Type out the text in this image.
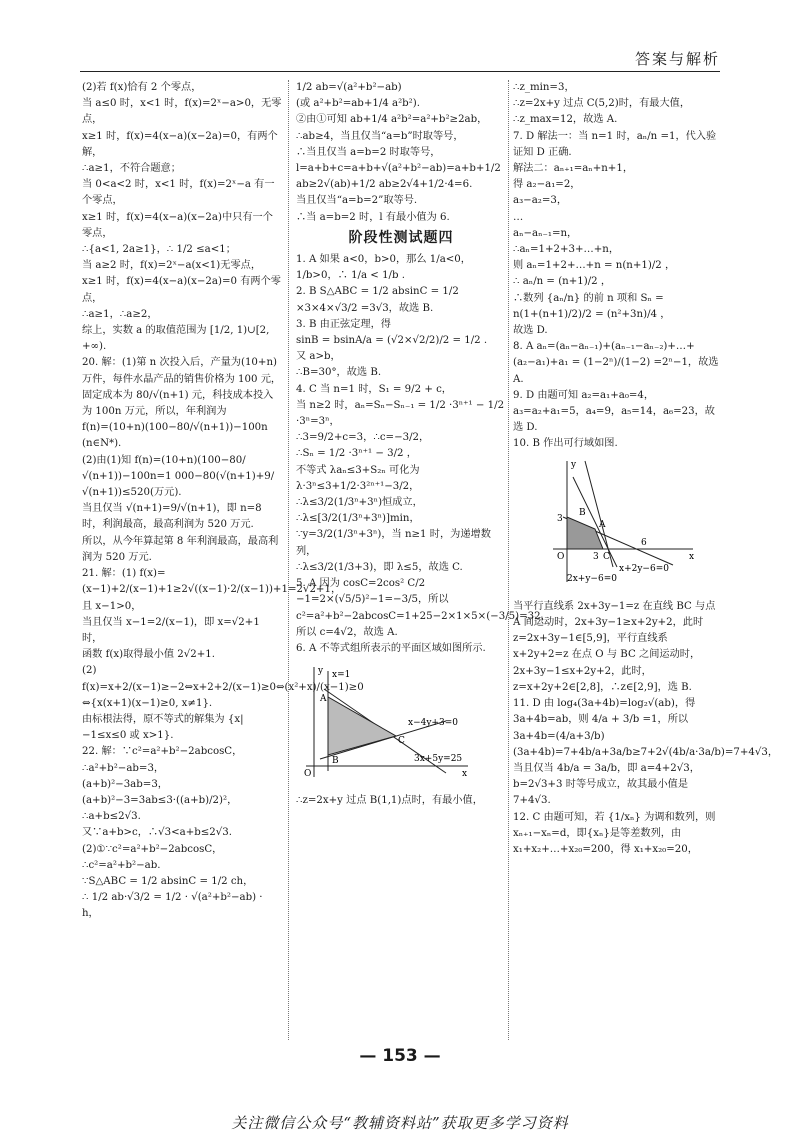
答案与解析

(2)若 f(x)恰有 2 个零点，

当 a≤0 时，x<1 时，f(x)=2ˣ−a>0，无零点，

x≥1 时，f(x)=4(x−a)(x−2a)=0，有两个解，

∴a≥1，不符合题意；

当 0<a<2 时，x<1 时，f(x)=2ˣ−a 有一个零点，

x≥1 时，f(x)=4(x−a)(x−2a)中只有一个零点，

∴{a<1, 2a≥1}，∴ 1/2 ≤a<1；

当 a≥2 时，f(x)=2ˣ−a(x<1)无零点，

x≥1 时，f(x)=4(x−a)(x−2a)=0 有两个零点，

∴a≥1，∴a≥2，

综上，实数 a 的取值范围为 [1/2, 1)∪[2, +∞).

20. 解：(1)第 n 次投入后，产量为(10+n)万件，每件水晶产品的销售价格为 100 元，

固定成本为 80/√(n+1) 元，科技成本投入为 100n 万元，所以，年利润为

f(n)=(10+n)(100−80/√(n+1))−100n (n∈N*).

(2)由(1)知 f(n)=(10+n)(100−80/√(n+1))−100n=1 000−80(√(n+1)+9/√(n+1))≤520(万元).

当且仅当 √(n+1)=9/√(n+1)，即 n=8 时，利润最高，最高利润为 520 万元.

所以，从今年算起第 8 年利润最高，最高利润为 520 万元.

21. 解：(1) f(x)=(x−1)+2/(x−1)+1≥2√((x−1)·2/(x−1))+1=2√2+1，

且 x−1>0，

当且仅当 x−1=2/(x−1)，即 x=√2+1 时，

函数 f(x)取得最小值 2√2+1.

(2) f(x)=x+2/(x−1)≥−2⇔x+2+2/(x−1)≥0⇔(x²+x)/(x−1)≥0

⇔{x(x+1)(x−1)≥0, x≠1}.

由标根法得，原不等式的解集为 {x|−1≤x≤0 或 x>1}.

22. 解：∵c²=a²+b²−2abcosC，

∴a²+b²−ab=3，

(a+b)²−3ab=3，(a+b)²−3=3ab≤3·((a+b)/2)²，

∴a+b≤2√3.

又∵a+b>c，∴√3<a+b≤2√3.

(2)①∵c²=a²+b²−2abcosC，∴c²=a²+b²−ab.

∵S△ABC = 1/2 absinC = 1/2 ch，

∴ 1/2 ab·√3/2 = 1/2 · √(a²+b²−ab) · h，

1/2 ab=√(a²+b²−ab)

(或 a²+b²=ab+1/4 a²b²).

②由①可知 ab+1/4 a²b²=a²+b²≥2ab，

∴ab≥4，当且仅当“a=b”时取等号，

∴当且仅当 a=b=2 时取等号，

l=a+b+c=a+b+√(a²+b²−ab)=a+b+1/2 ab≥2√(ab)+1/2 ab≥2√4+1/2·4=6.

当且仅当“a=b=2”取等号.

∴当 a=b=2 时，l 有最小值为 6.

阶段性测试题四

1. A 如果 a<0，b>0，那么 1/a<0，1/b>0，∴ 1/a < 1/b .

2. B S△ABC = 1/2 absinC = 1/2 ×3×4×√3/2 =3√3，故选 B.

3. B 由正弦定理，得

sinB = bsinA/a = (√2×√2/2)/2 = 1/2 .

又 a>b，

∴B=30°，故选 B.

4. C 当 n=1 时，S₁ = 9/2 + c，

当 n≥2 时，aₙ=Sₙ−Sₙ₋₁ = 1/2 ·3ⁿ⁺¹ − 1/2 ·3ⁿ=3ⁿ，

∴3=9/2+c=3，∴c=−3/2，

∴Sₙ = 1/2 ·3ⁿ⁺¹ − 3/2 ，

不等式 λaₙ≤3+S₂ₙ 可化为

λ·3ⁿ≤3+1/2·3²ⁿ⁺¹−3/2，

∴λ≤3/2(1/3ⁿ+3ⁿ)恒成立，

∴λ≤[3/2(1/3ⁿ+3ⁿ)]min，

∵y=3/2(1/3ⁿ+3ⁿ)，当 n≥1 时，为递增数列，

∴λ≤3/2(1/3+3)，即 λ≤5，故选 C.

5. A 因为 cosC=2cos² C/2 −1=2×(√5/5)²−1=−3/5，所以 c²=a²+b²−2abcosC=1+25−2×1×5×(−3/5)=32，所以 c=4√2，故选 A.

6. A 不等式组所表示的平面区域如图所示.

y x=1
A
x−4y+3=0
C
3x+5y=25
B
O	x

∴z=2x+y 过点 B(1,1)点时，有最小值，

∴z_min=3，

∴z=2x+y 过点 C(5,2)时，有最大值，

∴z_max=12，故选 A.

7. D 解法一：当 n=1 时，aₙ/n =1，代入验证知 D 正确.

解法二：aₙ₊₁=aₙ+n+1，

得 a₂−a₁=2，

a₃−a₂=3，

…

aₙ−aₙ₋₁=n，

∴aₙ=1+2+3+…+n，

则 aₙ=1+2+…+n = n(n+1)/2 ，

∴ aₙ/n = (n+1)/2 ，

∴数列 {aₙ/n} 的前 n 项和 Sₙ =

n(1+(n+1)/2)/2 = (n²+3n)/4 ，

故选 D.

8. A aₙ=(aₙ−aₙ₋₁)+(aₙ₋₁−aₙ₋₂)+…+(a₂−a₁)+a₁ = (1−2ⁿ)/(1−2) =2ⁿ−1，故选 A.

9. D 由题可知 a₂=a₁+a₀=4，a₃=a₂+a₁=5，a₄=9，a₅=14，a₆=23，故选 D.

10. B 作出可行域如图.

y
3
B
A
O	3 C
6
x
x+2y−6=0
2x+y−6=0

当平行直线系 2x+3y−1=z 在直线 BC 与点 A 间运动时，2x+3y−1≥x+2y+2，此时 z=2x+3y−1∈[5,9]，平行直线系 x+2y+2=z 在点 O 与 BC 之间运动时，2x+3y−1≤x+2y+2，此时，z=x+2y+2∈[2,8]，∴z∈[2,9]，选 B.

11. D 由 log₄(3a+4b)=log₂√(ab)，得 3a+4b=ab，则 4/a + 3/b =1，所以 3a+4b=(4/a+3/b)(3a+4b)=7+4b/a+3a/b≥7+2√(4b/a·3a/b)=7+4√3，当且仅当 4b/a = 3a/b，即 a=4+2√3，b=2√3+3 时等号成立，故其最小值是 7+4√3.

12. C 由题可知，若 {1/xₙ} 为调和数列，则 xₙ₊₁−xₙ=d，即{xₙ}是等差数列，由 x₁+x₂+…+x₂₀=200，得 x₁+x₂₀=20，

— 153 —
关注微信公众号“教辅资料站”获取更多学习资料
